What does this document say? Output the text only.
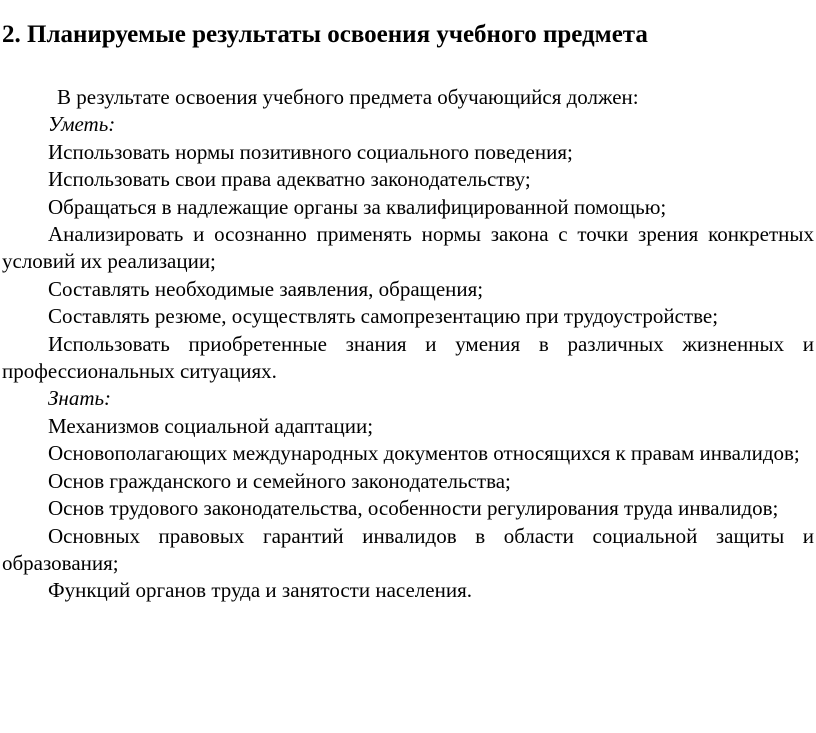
2. Планируемые результаты освоения учебного предмета

В результате освоения учебного предмета обучающийся должен:

Уметь:

Использовать нормы позитивного социального поведения;

Использовать свои права адекватно законодательству;

Обращаться в надлежащие органы за квалифицированной помощью;

Анализировать и осознанно применять нормы закона с точки зрения конкретных условий их реализации;

Составлять необходимые заявления, обращения;

Составлять резюме, осуществлять самопрезентацию при трудоустройстве;

Использовать приобретенные знания и умения в различных жизненных и профессиональных ситуациях.

Знать:

Механизмов социальной адаптации;

Основополагающих международных документов относящихся к правам инвалидов;

Основ гражданского и семейного законодательства;

Основ трудового законодательства, особенности регулирования труда инвалидов;

Основных правовых гарантий инвалидов в области социальной защиты и образования;

Функций органов труда и занятости населения.
